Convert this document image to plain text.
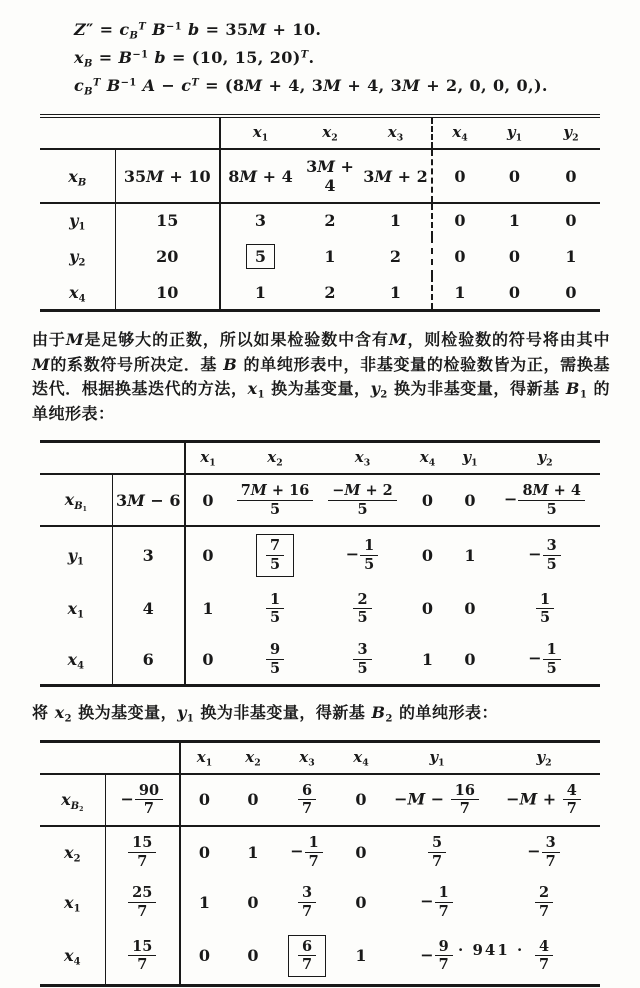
$Z'' = c_B^T$ $B^{-1}$ b = 35M + 10.
$x_B = B^{-1}$ b = (10, 15, 20)$^T$.
$c_B^T$ $B^{-1}$ $A - c^T = (8M + 4$, 3M + 4, 3M + 2, 0, 0, 0,).
		$x_1$	$x_2$	$x_3$	$x_4$	$y_1$	$y_2$
$x_B$	35M + 10	8M + 4	3M + 4	3M + 2	0	0	0
$y_1$	15	3	2	1	0	1	0
$y_2$	20	5	1	2	0	0	1
$x_4$	10	1	2	1	1	0	0
由于M是足够大的正数，所以如果检验数中含有M，则检验数的符号将由其中M的系数符号所决定．基 B 的单纯形表中，非基变量的检验数皆为正，需换基迭代．根据换基迭代的方法，$x_1$ 换为基变量，$y_2$ 换为非基变量，得新基 $B_1$ 的单纯形表：
		$x_1$	$x_2$	$x_3$	$x_4$	$y_1$	$y_2$
$x_{B_1}$	3M − 6	0	$\frac{7M + 16}{5}$	$\frac{-M + 2}{5}$	0	0	− $\frac{8M + 4}{5}$

$y_1$	3	0	$\frac{7}{5}$	− $\frac{1}{5}$	0	1	− $\frac{3}{5}$

$x_1$	4	1	$\frac{1}{5}$	$\frac{2}{5}$	0	0	$\frac{1}{5}$

$x_4$	6	0	$\frac{9}{5}$	$\frac{3}{5}$	1	0	− $\frac{1}{5}$
将 $x_2$ 换为基变量，$y_1$ 换为非基变量，得新基 $B_2$ 的单纯形表：
		$x_1$	$x_2$	$x_3$	$x_4$	$y_1$	$y_2$
$x_{B_2}$	− $\frac{90}{7}$	0	0	$\frac{6}{7}$	0	$-M - \frac{16}{7}$	$-M + \frac{4}{7}$

$x_2$	$\frac{15}{7}$	0	1	− $\frac{1}{7}$	0	$\frac{5}{7}$	− $\frac{3}{7}$

$x_1$	$\frac{25}{7}$	1	0	$\frac{3}{7}$	0	− $\frac{1}{7}$	$\frac{2}{7}$

$x_4$	$\frac{15}{7}$	0	0	$\frac{6}{7}$	1	− $\frac{9}{7}$	$\frac{4}{7}$
· 941 ·
